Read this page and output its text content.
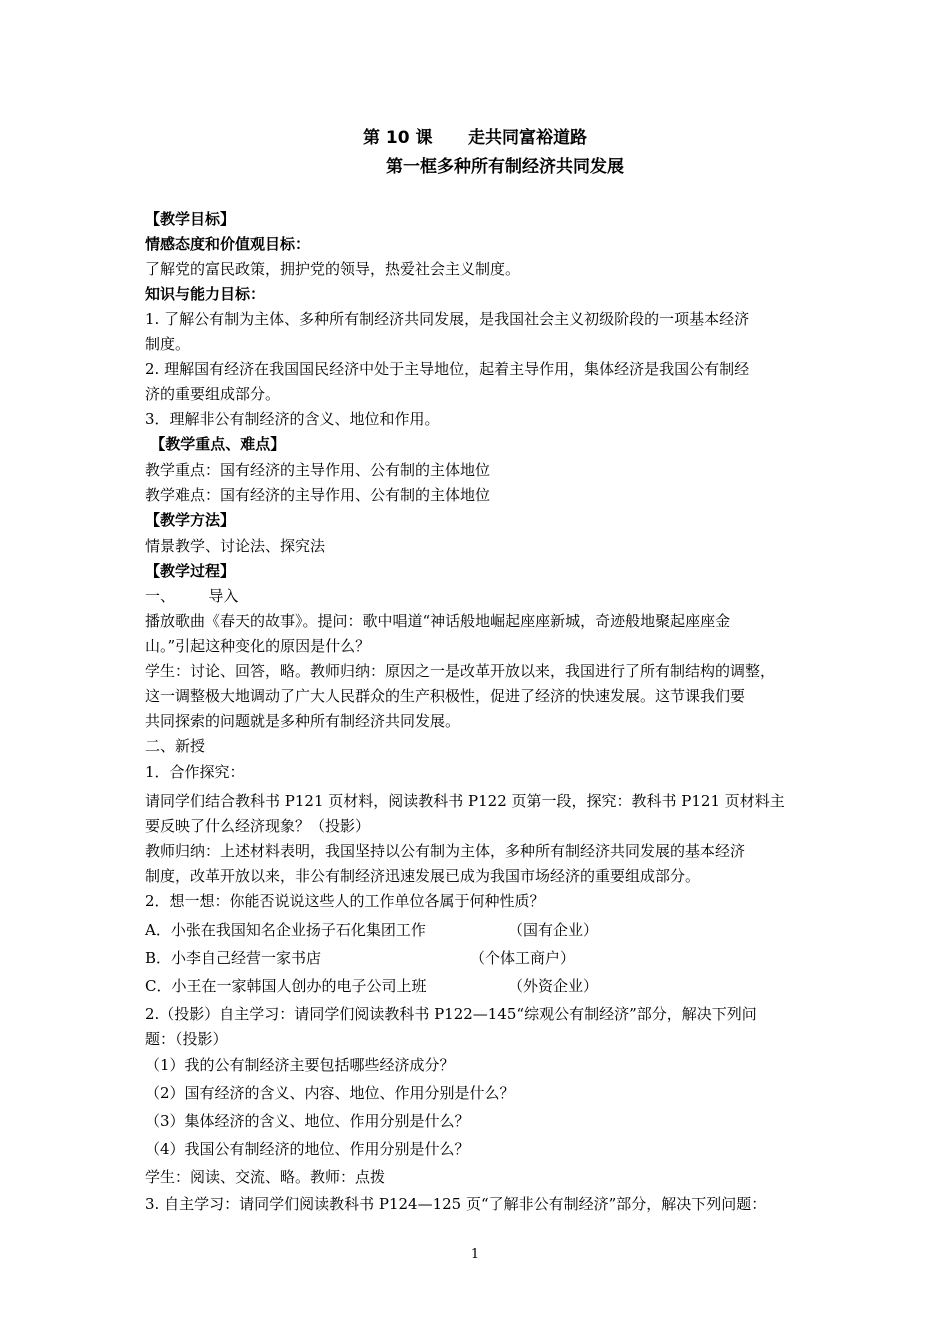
第 10 课      走共同富裕道路
第一框多种所有制经济共同发展
【教学目标】
情感态度和价值观目标：
了解党的富民政策，拥护党的领导，热爱社会主义制度。
知识与能力目标：
1. 了解公有制为主体、多种所有制经济共同发展，是我国社会主义初级阶段的一项基本经济
制度。
2. 理解国有经济在我国国民经济中处于主导地位，起着主导作用，集体经济是我国公有制经
济的重要组成部分。
3．理解非公有制经济的含义、地位和作用。
【教学重点、难点】
教学重点：国有经济的主导作用、公有制的主体地位
教学难点：国有经济的主导作用、公有制的主体地位
【教学方法】
情景教学、讨论法、探究法
【教学过程】
一、       导入
播放歌曲《春天的故事》。提问：歌中唱道“神话般地崛起座座新城，奇迹般地聚起座座金
山。”引起这种变化的原因是什么？
学生：讨论、回答，略。教师归纳：原因之一是改革开放以来，我国进行了所有制结构的调整，
这一调整极大地调动了广大人民群众的生产积极性，促进了经济的快速发展。这节课我们要
共同探索的问题就是多种所有制经济共同发展。
二、新授
1．合作探究：
请同学们结合教科书 P121 页材料，阅读教科书 P122 页第一段，探究：教科书 P121 页材料主
要反映了什么经济现象？（投影）
教师归纳：上述材料表明，我国坚持以公有制为主体，多种所有制经济共同发展的基本经济
制度，改革开放以来，非公有制经济迅速发展已成为我国市场经济的重要组成部分。
2．想一想：你能否说说这些人的工作单位各属于何种性质？
A．小张在我国知名企业扬子石化集团工作	（国有企业）
B．小李自己经营一家书店	（个体工商户）
C．小王在一家韩国人创办的电子公司上班	（外资企业）
2.（投影）自主学习：请同学们阅读教科书 P122—145“综观公有制经济”部分，解决下列问
题：（投影）
（1）我的公有制经济主要包括哪些经济成分？
（2）国有经济的含义、内容、地位、作用分别是什么？
（3）集体经济的含义、地位、作用分别是什么？
（4）我国公有制经济的地位、作用分别是什么？
学生：阅读、交流、略。教师：点拨
3. 自主学习：请同学们阅读教科书 P124—125 页“了解非公有制经济”部分，解决下列问题：
1
